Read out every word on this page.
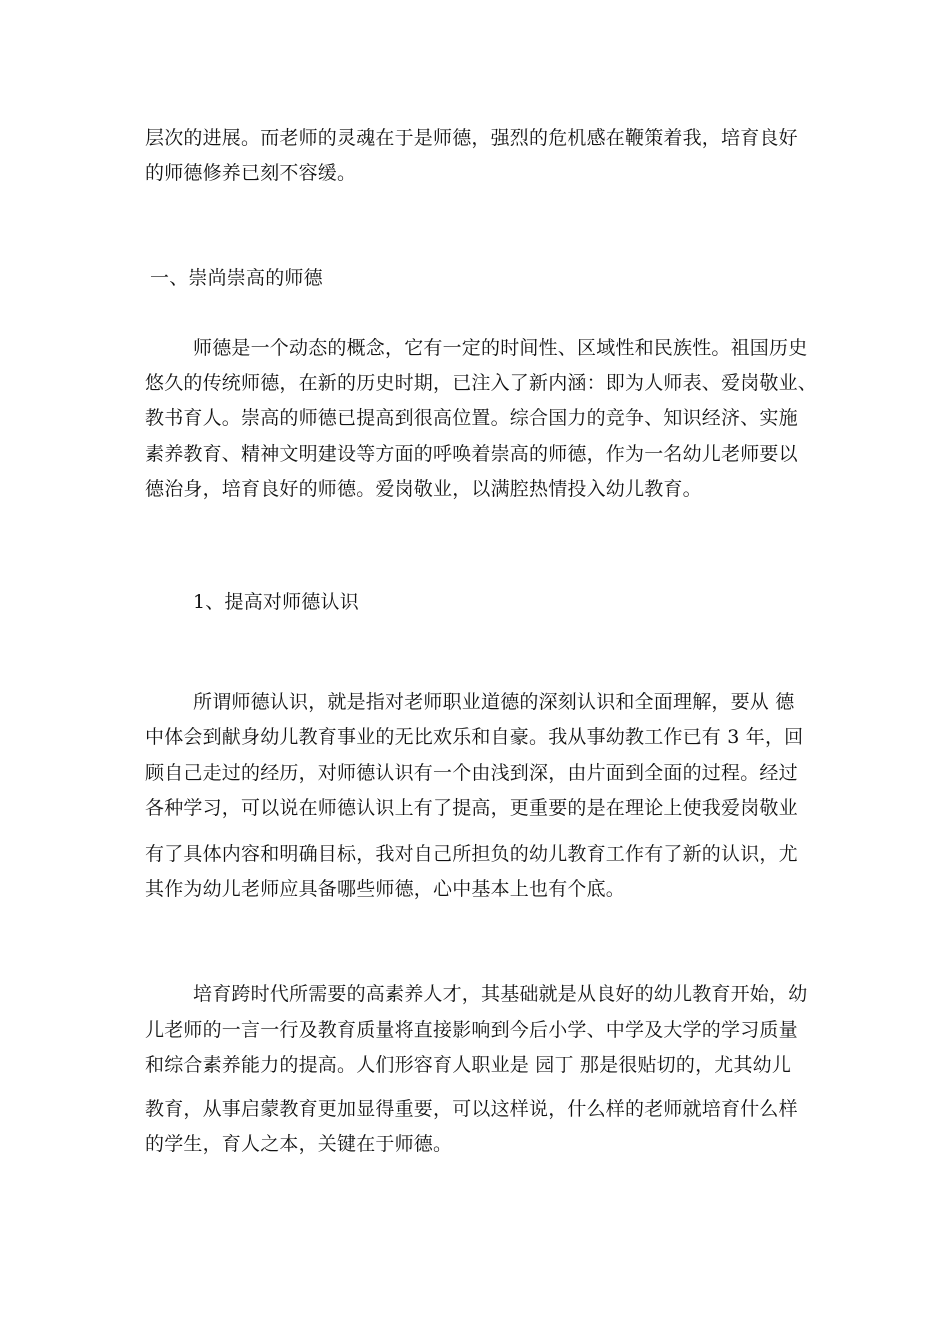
层次的进展。而老师的灵魂在于是师德，强烈的危机感在鞭策着我，培育良好
的师德修养已刻不容缓。
一、崇尚崇高的师德
师德是一个动态的概念，它有一定的时间性、区域性和民族性。祖国历史
悠久的传统师德，在新的历史时期，已注入了新内涵：即为人师表、爱岗敬业、
教书育人。崇高的师德已提高到很高位置。综合国力的竞争、知识经济、实施
素养教育、精神文明建设等方面的呼唤着崇高的师德，作为一名幼儿老师要以
德治身，培育良好的师德。爱岗敬业，以满腔热情投入幼儿教育。
1、提高对师德认识
所谓师德认识，就是指对老师职业道德的深刻认识和全面理解，要从 德
中体会到献身幼儿教育事业的无比欢乐和自豪。我从事幼教工作已有 3 年，回
顾自己走过的经历，对师德认识有一个由浅到深，由片面到全面的过程。经过
各种学习，可以说在师德认识上有了提高，更重要的是在理论上使我爱岗敬业
有了具体内容和明确目标，我对自己所担负的幼儿教育工作有了新的认识，尤
其作为幼儿老师应具备哪些师德，心中基本上也有个底。
培育跨时代所需要的高素养人才，其基础就是从良好的幼儿教育开始，幼
儿老师的一言一行及教育质量将直接影响到今后小学、中学及大学的学习质量
和综合素养能力的提高。人们形容育人职业是 园丁 那是很贴切的，尤其幼儿
教育，从事启蒙教育更加显得重要，可以这样说，什么样的老师就培育什么样
的学生，育人之本，关键在于师德。
